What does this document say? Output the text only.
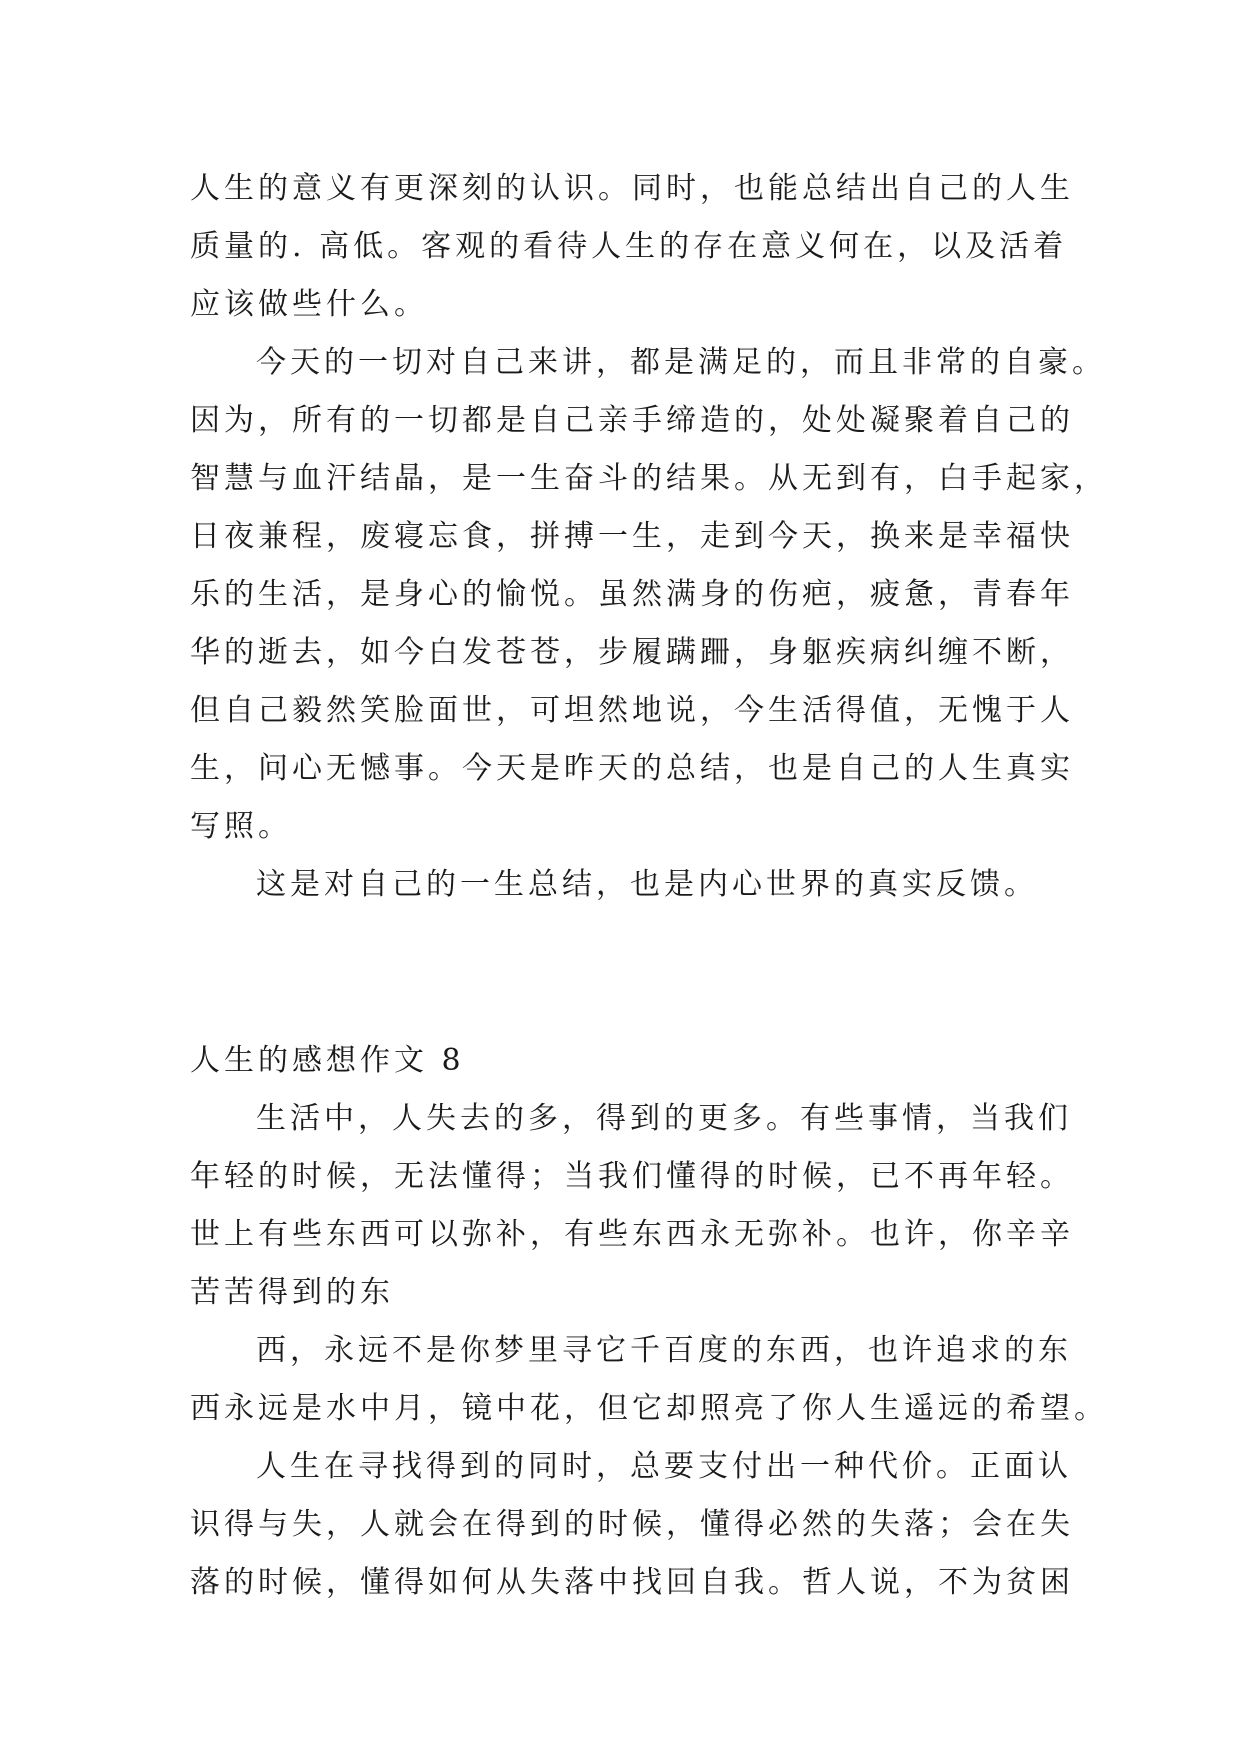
人生的意义有更深刻的认识。同时，也能总结出自己的人生
质量的. 高低。客观的看待人生的存在意义何在，以及活着
应该做些什么。
今天的一切对自己来讲，都是满足的，而且非常的自豪。
因为，所有的一切都是自己亲手缔造的，处处凝聚着自己的
智慧与血汗结晶，是一生奋斗的结果。从无到有，白手起家，
日夜兼程，废寝忘食，拼搏一生，走到今天，换来是幸福快
乐的生活，是身心的愉悦。虽然满身的伤疤，疲惫，青春年
华的逝去，如今白发苍苍，步履蹒跚，身躯疾病纠缠不断，
但自己毅然笑脸面世，可坦然地说，今生活得值，无愧于人
生，问心无憾事。今天是昨天的总结，也是自己的人生真实
写照。
这是对自己的一生总结，也是内心世界的真实反馈。
人生的感想作文 8
生活中，人失去的多，得到的更多。有些事情，当我们
年轻的时候，无法懂得；当我们懂得的时候，已不再年轻。
世上有些东西可以弥补，有些东西永无弥补。也许，你辛辛
苦苦得到的东
西，永远不是你梦里寻它千百度的东西，也许追求的东
西永远是水中月，镜中花，但它却照亮了你人生遥远的希望。
人生在寻找得到的同时，总要支付出一种代价。正面认
识得与失，人就会在得到的时候，懂得必然的失落；会在失
落的时候，懂得如何从失落中找回自我。哲人说，不为贫困
